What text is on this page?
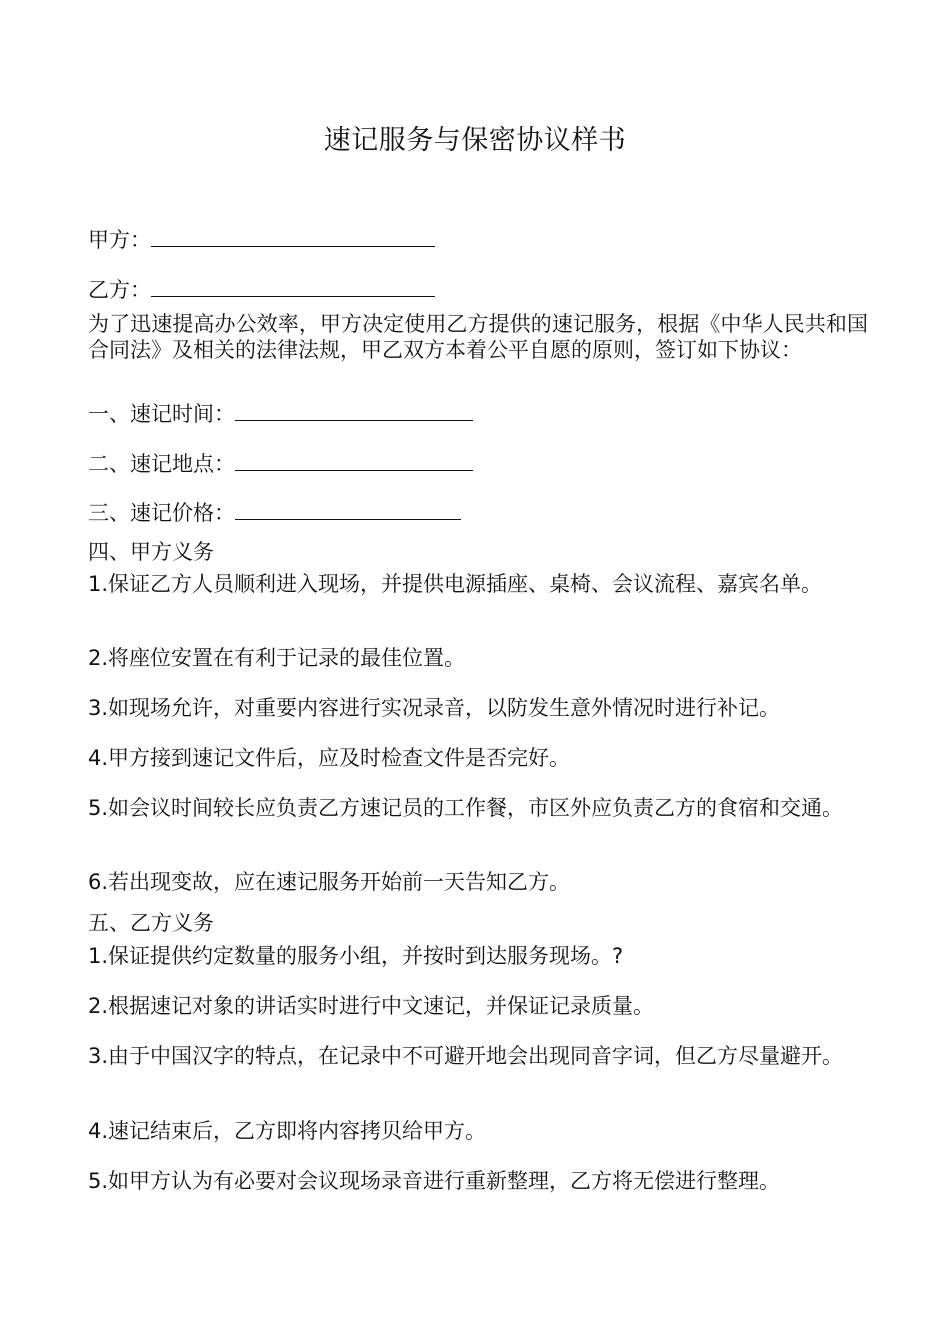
速记服务与保密协议样书
甲方：
乙方：
为了迅速提高办公效率，甲方决定使用乙方提供的速记服务，根据《中华人民共和国合同法》及相关的法律法规，甲乙双方本着公平自愿的原则，签订如下协议：
一、速记时间：
二、速记地点：
三、速记价格：
四、甲方义务
1.保证乙方人员顺利进入现场，并提供电源插座、桌椅、会议流程、嘉宾名单。
2.将座位安置在有利于记录的最佳位置。
3.如现场允许，对重要内容进行实况录音，以防发生意外情况时进行补记。
4.甲方接到速记文件后，应及时检查文件是否完好。
5.如会议时间较长应负责乙方速记员的工作餐，市区外应负责乙方的食宿和交通。
6.若出现变故，应在速记服务开始前一天告知乙方。
五、乙方义务
1.保证提供约定数量的服务小组，并按时到达服务现场。?
2.根据速记对象的讲话实时进行中文速记，并保证记录质量。
3.由于中国汉字的特点，在记录中不可避开地会出现同音字词，但乙方尽量避开。
4.速记结束后，乙方即将内容拷贝给甲方。
5.如甲方认为有必要对会议现场录音进行重新整理，乙方将无偿进行整理。
